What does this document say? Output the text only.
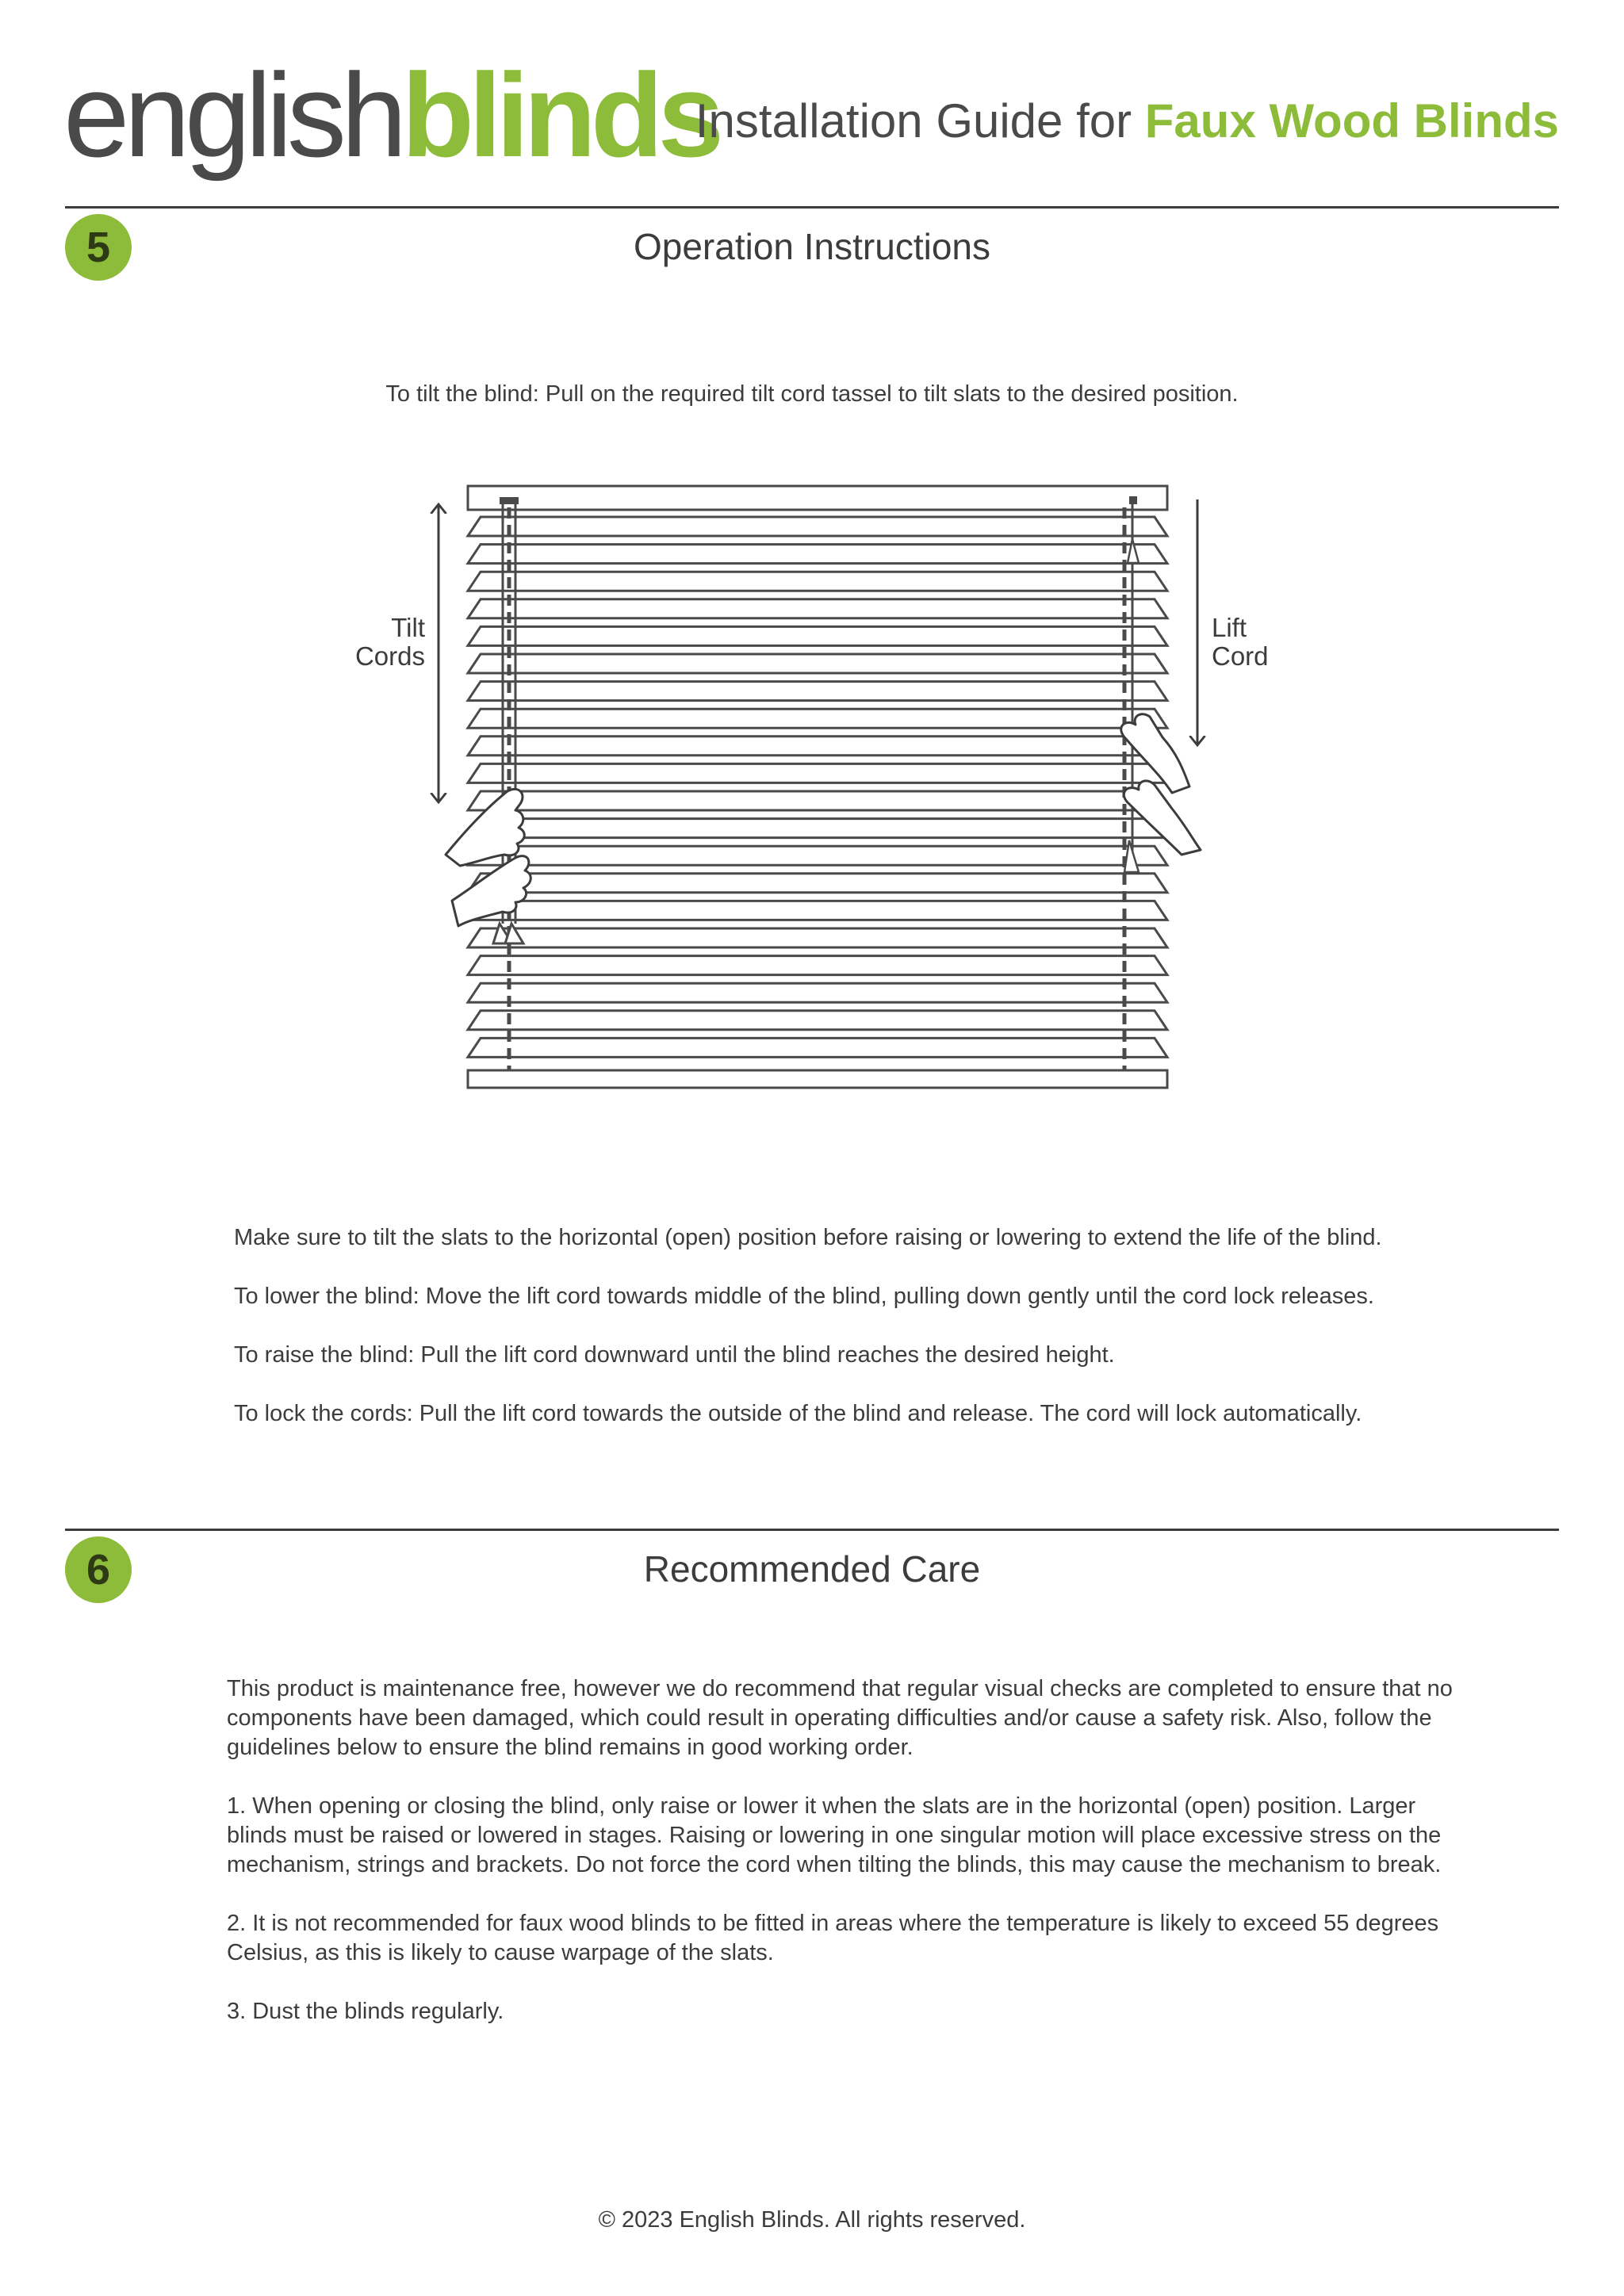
englishblinds
Installation Guide for Faux Wood Blinds
5	Operation Instructions
To tilt the blind: Pull on the required tilt cord tassel to tilt slats to the desired position.
Tilt
Cords
Lift
Cord
Make sure to tilt the slats to the horizontal (open) position before raising or lowering to extend the life of the blind.
To lower the blind: Move the lift cord towards middle of the blind, pulling down gently until the cord lock releases.
To raise the blind: Pull the lift cord downward until the blind reaches the desired height.
To lock the cords: Pull the lift cord towards the outside of the blind and release. The cord will lock automatically.
6	Recommended Care

This product is maintenance free, however we do recommend that regular visual checks are completed to ensure that no components have been damaged, which could result in operating difficulties and/or cause a safety risk. Also, follow the guidelines below to ensure the blind remains in good working order.

1. When opening or closing the blind, only raise or lower it when the slats are in the horizontal (open) position. Larger blinds must be raised or lowered in stages. Raising or lowering in one singular motion will place excessive stress on the mechanism, strings and brackets. Do not force the cord when tilting the blinds, this may cause the mechanism to break.

2. It is not recommended for faux wood blinds to be fitted in areas where the temperature is likely to exceed 55 degrees Celsius, as this is likely to cause warpage of the slats.

3. Dust the blinds regularly.

© 2023 English Blinds. All rights reserved.
